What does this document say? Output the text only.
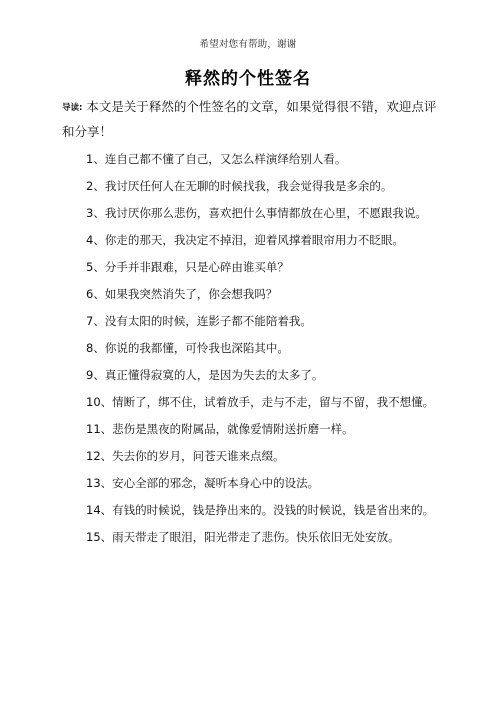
希望对您有帮助，谢谢
释然的个性签名
导读: 本文是关于释然的个性签名的文章，如果觉得很不错，欢迎点评和分享！
1、连自己都不懂了自己，又怎么样演绎给别人看。
2、我讨厌任何人在无聊的时候找我，我会觉得我是多余的。
3、我讨厌你那么悲伤，喜欢把什么事情都放在心里，不愿跟我说。
4、你走的那天，我决定不掉泪，迎着风撑着眼帘用力不眨眼。
5、分手并非跟难，只是心碎由谁买单？
6、如果我突然消失了，你会想我吗？
7、没有太阳的时候，连影子都不能陪着我。
8、你说的我都懂，可怜我也深陷其中。
9、真正懂得寂寞的人，是因为失去的太多了。
10、情断了，绑不住，试着放手，走与不走，留与不留，我不想懂。
11、悲伤是黑夜的附属品，就像爱情附送折磨一样。
12、失去你的岁月，问苍天谁来点缀。
13、安心全部的邪念，凝听本身心中的设法。
14、有钱的时候说，钱是挣出来的。没钱的时候说，钱是省出来的。
15、雨天带走了眼泪，阳光带走了悲伤。快乐依旧无处安放。
